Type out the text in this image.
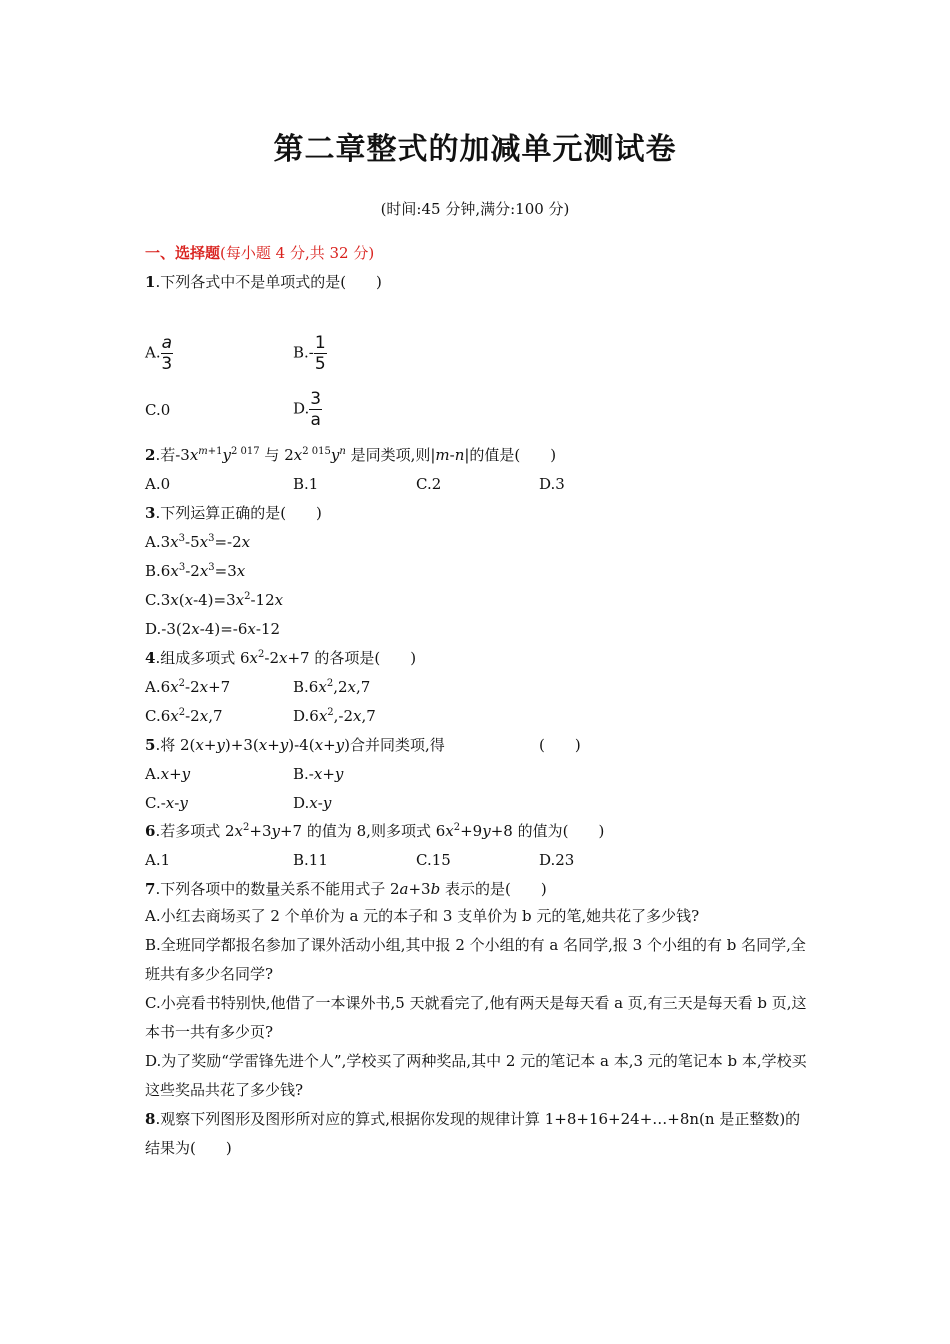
第二章整式的加减单元测试卷
(时间:45 分钟,满分:100 分)
一、选择题(每小题 4 分,共 32 分)
1.下列各式中不是单项式的是(　　)
A. $\frac{a}{3}$	$B.- \frac{1}{5}$
C.0	D. $\frac{3}{a}$
2.若$-3x^{m+1}y^{2 017}$ 与 $2x^{2 015}y^n$ 是同类项,则|m-n|的值是(　　)
A.0	B.1	C.2	D.3
3.下列运算正确的是(　　)
$A.3x^3-5x^3=-2x$
$B.6x^3-2x^3=3x$
$C.3x(x-4)=3x^2-12x$
D.-3(2x-4)=-6x-12
4.组成多项式 $6x^2-2x+7$ 的各项是(　　)
$A.6x^2-2x+7$	$B.6x^2,2x,7$
$C.6x^2-2x,7$	$D.6x^2,-2x,7$
5.将 2(x+y)+3(x+y)-4(x+y)合并同类项,得	(　　)
A.x+y	B.-x+y
C.-x-y	D.x-y
6.若多项式 $2x^2+3y+7$ 的值为 8,则多项式 $6x^2+9y+8$ 的值为(　　)
A.1	B.11	C.15	D.23
7.下列各项中的数量关系不能用式子 2a+3b 表示的是(　　)
A.小红去商场买了 2 个单价为 a 元的本子和 3 支单价为 b 元的笔,她共花了多少钱?
B.全班同学都报名参加了课外活动小组,其中报 2 个小组的有 a 名同学,报 3 个小组的有 b 名同学,全班共有多少名同学?
C.小亮看书特别快,他借了一本课外书,5 天就看完了,他有两天是每天看 a 页,有三天是每天看 b 页,这本书一共有多少页?
D.为了奖励“学雷锋先进个人”,学校买了两种奖品,其中 2 元的笔记本 a 本,3 元的笔记本 b 本,学校买这些奖品共花了多少钱?
8.观察下列图形及图形所对应的算式,根据你发现的规律计算 1+8+16+24+…+8n(n 是正整数)的结果为(　　)
